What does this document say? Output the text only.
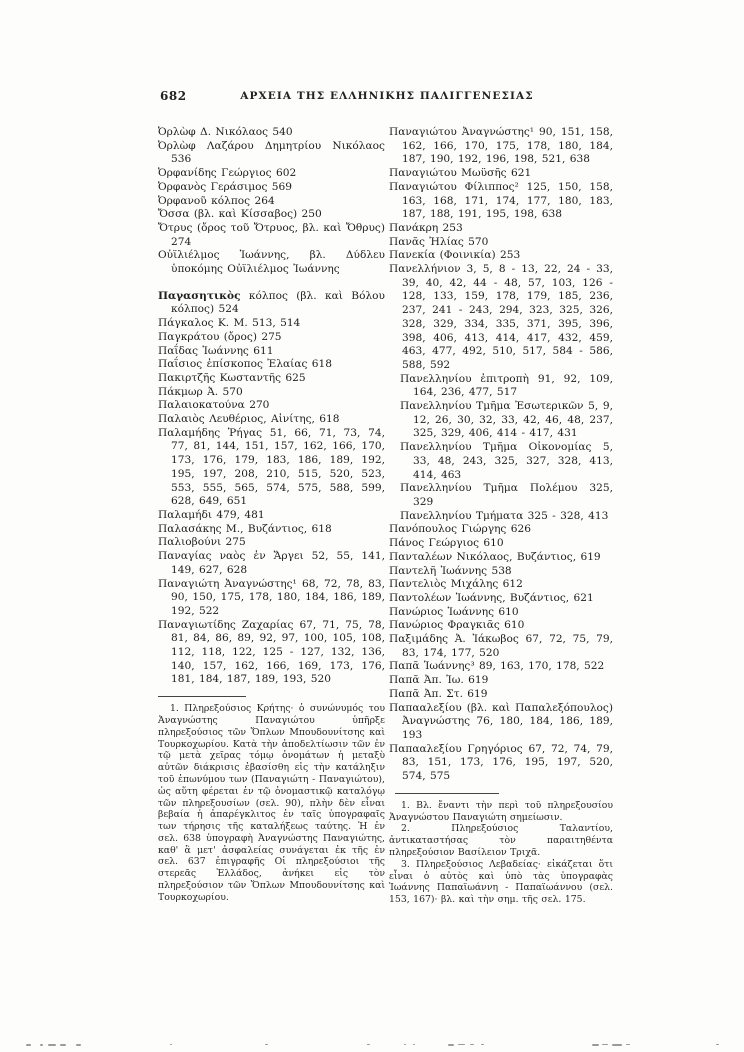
682	ΑΡΧΕΙΑ ΤΗΣ ΕΛΛΗΝΙΚΗΣ ΠΑΛΙΓΓΕΝΕΣΙΑΣ
Ὀρλὼφ Δ. Νικόλαος 540
Ὀρλὼφ Λαζάρου Δημητρίου Νικόλαος 536
Ὀρφανίδης Γεώργιος 602
Ὀρφανὸς Γεράσιμος 569
Ὀρφανοῦ κόλπος 264
Ὄσσα (βλ. καὶ Κίσσαβος) 250
Ὄτρυς (ὄρος τοῦ Ὄτρυος, βλ. καὶ Ὄθρυς) 274
Οὐϊλιέλμος Ἰωάννης, βλ. Δύδλευ ὑποκόμης Οὐϊλιέλμος Ἰωάννης
Παγασητικὸς κόλπος (βλ. καὶ Βόλου κόλπος) 524
Πάγκαλος Κ. Μ. 513, 514
Παγκράτου (ὄρος) 275
Παΐδας Ἰωάννης 611
Παΐσιος ἐπίσκοπος Ἐλαίας 618
Πακιρτζῆς Κωσταντῆς 625
Πάκμωρ Ἀ. 570
Παλαιοκατούνα 270
Παλαιὸς Λευθέριος, Αἰνίτης, 618
Παλαμήδης Ῥήγας 51, 66, 71, 73, 74, 77, 81, 144, 151, 157, 162, 166, 170, 173, 176, 179, 183, 186, 189, 192, 195, 197, 208, 210, 515, 520, 523, 553, 555, 565, 574, 575, 588, 599, 628, 649, 651
Παλαμήδι 479, 481
Παλασάκης Μ., Βυζάντιος, 618
Παλιοβούνι 275
Παναγίας ναὸς ἐν Ἄργει 52, 55, 141, 149, 627, 628
Παναγιώτη Ἀναγνώστης¹ 68, 72, 78, 83, 90, 150, 175, 178, 180, 184, 186, 189, 192, 522
Παναγιωτίδης Ζαχαρίας 67, 71, 75, 78, 81, 84, 86, 89, 92, 97, 100, 105, 108, 112, 118, 122, 125 - 127, 132, 136, 140, 157, 162, 166, 169, 173, 176, 181, 184, 187, 189, 193, 520
1. Πληρεξούσιος Κρήτης· ὁ συνώνυμός του Ἀναγνώστης Παναγιώτου ὑπῆρξε πληρεξούσιος τῶν Ὅπλων Μπουδουνίτσης καὶ Τουρκοχωρίου. Κατὰ τὴν ἀποδελτίωσιν τῶν ἐν τῷ μετὰ χεῖρας τόμῳ ὀνομάτων ἡ μεταξὺ αὐτῶν διάκρισις ἐβασίσθη εἰς τὴν κατάληξιν τοῦ ἐπωνύμου των (Παναγιώτη - Παναγιώτου), ὡς αὕτη φέρεται ἐν τῷ ὀνομαστικῷ καταλόγῳ τῶν πληρεξουσίων (σελ. 90), πλὴν δὲν εἶναι βεβαία ἡ ἀπαρέγκλιτος ἐν ταῖς ὑπογραφαῖς των τήρησις τῆς καταλήξεως ταύτης. Ἡ ἐν σελ. 638 ὑπογραφὴ Ἀναγνώστης Παναγιώτης, καθ' ἃ μετ' ἀσφαλείας συνάγεται ἐκ τῆς ἐν σελ. 637 ἐπιγραφῆς Οἱ πληρεξούσιοι τῆς στερεᾶς Ἑλλάδος, ἀνήκει εἰς τὸν πληρεξούσιον τῶν Ὅπλων Μπουδουνίτσης καὶ Τουρκοχωρίου.
Παναγιώτου Ἀναγνώστης¹ 90, 151, 158, 162, 166, 170, 175, 178, 180, 184, 187, 190, 192, 196, 198, 521, 638
Παναγιώτου Μωϋσῆς 621
Παναγιώτου Φίλιππος² 125, 150, 158, 163, 168, 171, 174, 177, 180, 183, 187, 188, 191, 195, 198, 638
Πανάκρη 253
Πανᾶς Ἠλίας 570
Πανεκία (Φοινικία) 253
Πανελλήνιον 3, 5, 8 - 13, 22, 24 - 33, 39, 40, 42, 44 - 48, 57, 103, 126 - 128, 133, 159, 178, 179, 185, 236, 237, 241 - 243, 294, 323, 325, 326, 328, 329, 334, 335, 371, 395, 396, 398, 406, 413, 414, 417, 432, 459, 463, 477, 492, 510, 517, 584 - 586, 588, 592
Πανελληνίου ἐπιτροπὴ 91, 92, 109, 164, 236, 477, 517
Πανελληνίου Τμῆμα Ἐσωτερικῶν 5, 9, 12, 26, 30, 32, 33, 42, 46, 48, 237, 325, 329, 406, 414 - 417, 431
Πανελληνίου Τμῆμα Οἰκονομίας 5, 33, 48, 243, 325, 327, 328, 413, 414, 463
Πανελληνίου Τμῆμα Πολέμου 325, 329
Πανελληνίου Τμήματα 325 - 328, 413
Πανόπουλος Γιώργης 626
Πάνος Γεώργιος 610
Πανταλέων Νικόλαος, Βυζάντιος, 619
Παντελῆ Ἰωάννης 538
Παντελιὸς Μιχάλης 612
Παντολέων Ἰωάννης, Βυζάντιος, 621
Πανώριος Ἰωάννης 610
Πανώριος Φραγκιᾶς 610
Παξιμάδης Ἀ. Ἰάκωβος 67, 72, 75, 79, 83, 174, 177, 520
Παπᾶ Ἰωάννης³ 89, 163, 170, 178, 522
Παπᾶ Ἀπ. Ἰω. 619
Παπᾶ Ἀπ. Στ. 619
Παπααλεξίου (βλ. καὶ Παπαλεξόπουλος) Ἀναγνώστης 76, 180, 184, 186, 189, 193
Παπααλεξίου Γρηγόριος 67, 72, 74, 79, 83, 151, 173, 176, 195, 197, 520, 574, 575
1. Βλ. ἔναντι τὴν περὶ τοῦ πληρεξουσίου Ἀναγνώστου Παναγιώτη σημείωσιν.
2. Πληρεξούσιος Ταλαντίου, ἀντικαταστήσας τὸν παραιτηθέντα πληρεξούσιον Βασίλειον Τριχᾶ.
3. Πληρεξούσιος Λεβαδείας· εἰκάζεται ὅτι εἶναι ὁ αὐτὸς καὶ ὑπὸ τὰς ὑπογραφὰς Ἰωάννης Παπαϊωάννη - Παπαϊωάννου (σελ. 153, 167)· βλ. καὶ τὴν σημ. τῆς σελ. 175.
